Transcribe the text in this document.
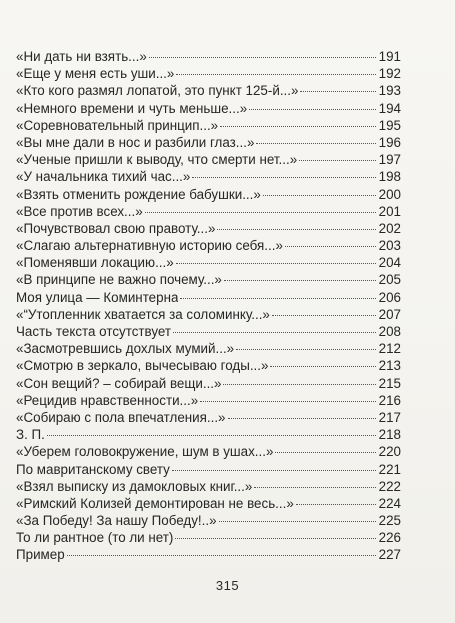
«Ни дать ни взять...»	191
«Еще у меня есть уши...»	192
«Кто кого размял лопатой, это пункт 125-й...»	193
«Немного времени и чуть меньше...»	194
«Соревновательный принцип...»	195
«Вы мне дали в нос и разбили глаз...»	196
«Ученые пришли к выводу, что смерти нет...»	197
«У начальника тихий час...»	198
«Взять отменить рождение бабушки...»	200
«Все против всех...»	201
«Почувствовал свою правоту...»	202
«Слагаю альтернативную историю себя...»	203
«Поменявши локацию...»	204
«В принципе не важно почему...»	205
Моя улица — Коминтерна	206
«“Утопленник хватается за соломинку...»	207
Часть текста отсутствует	208
«Засмотревшись дохлых мумий...»	212
«Смотрю в зеркало, вычесываю годы...»	213
«Сон вещий? – собирай вещи...»	215
«Рецидив нравственности...»	216
«Собираю с пола впечатления...»	217
З. П.	218
«Уберем головокружение, шум в ушах...»	220
По мавританскому свету	221
«Взял выписку из дамокловых книг...»	222
«Римский Колизей демонтирован не весь...»	224
«За Победу! За нашу Победу!..»	225
То ли рантное (то ли нет)	226
Пример	227
315
